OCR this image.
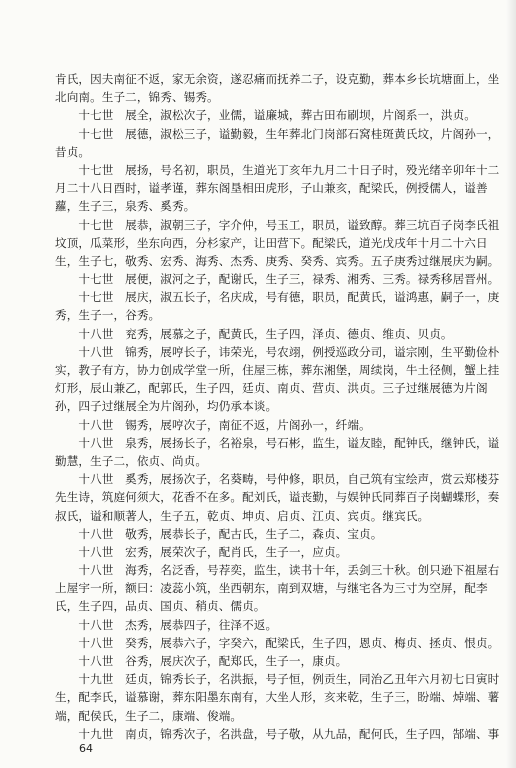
肯氏，因夫南征不返，家无余资，遂忍痛而抚养二子，设克勤，葬本乡长坑塘面上，坐
北向南。生子二，锦秀、锡秀。
　　十七世　展全，淑松次子，业儒，谥廉城，葬古田布刷坝，片阁系一，洪贞。
　　十七世　展德，淑松三子，谥勤毅，生年葬北门岗部石窝桂斑黄氏坟，片阁孙一，
昔贞。
　　十七世　展扬，号名初，职员，生道光丁亥年九月二十日子时，殁光绪辛卯年十二
月二十八日酉时，谥孝谨，葬东阁垦相田虎形，子山兼亥，配梁氏，例授儒人，谥善
蘿，生子三，泉秀、奚秀。
　　十七世　展恭，淑朝三子，字介仲，号玉工，职员，谥致醇。葬三坑百子岗李氏祖
坟顶，瓜菜形，坐东向西，分杉家产，让田营下。配梁氏，道光戊戌年十月二十六日
生，生子七，敬秀、宏秀、海秀、杰秀、庚秀、癸秀、宾秀。五子庚秀过继展庆为嗣。
　　十七世　展便，淑河之子，配谢氏，生子三，禄秀、湘秀、三秀。禄秀移居晋州。
　　十七世　展庆，淑五长子，名庆成，号有德，职员，配黄氏，谥鸿惠，嗣子一，庚
秀，生子一，谷秀。
　　十八世　兖秀，展慕之子，配黄氏，生子四，泽贞、德贞、维贞、贝贞。
　　十八世　锦秀，展哼长子，讳荣光，号农翊，例授巡政分司，谥宗刚，生平勤俭朴
实，教子有方，协力创成学堂一所，住屋三栋，葬东湘堡，周续岗，牛土径侧，蟹上挂
灯形，辰山兼乙，配郭氏，生子四，廷贞、南贞、营贞、洪贞。三子过继展德为片阁
孙，四子过继展全为片阁孙，均仍承本谈。
　　十八世　锡秀，展哼次子，南征不返，片阁孙一，纤端。
　　十八世　泉秀，展扬长子，名裕泉，号石彬，监生，谥友睦，配钟氏，继钟氏，谥
勤慧，生子二，依贞、尚贞。
　　十八世　奚秀，展扬次子，名葵畴，号仲修，职员，自己筑有宝绘声，赏云郑楼芬
先生诗，筑庭何须大，花香不在多。配刘氏，谥丧勤，与娱钟氏同葬百子岗蝴蝶形，奏
叔氏，谥和顺著人，生子五，乾贞、坤贞、启贞、江贞、宾贞。继宾氏。
　　十八世　敬秀，展恭长子，配古氏，生子二，森贞、宝贞。
　　十八世　宏秀，展荣次子，配肖氏，生子一，应贞。
　　十八世　海秀，名泛香，号荐奕，监生，读书十年，丢剑三十秋。创只逊下祖屋右
上屋宇一所，额曰：凌蕊小筑，坐西朝东，南到双塘，与继宅各为三寸为空屏，配李
氏，生子四，品贞、国贞、稍贞、儒贞。
　　十八世　杰秀，展恭四子，往泽不返。
　　十八世　癸秀，展恭六子，字癸六，配梁氏，生子四，恩贞、梅贞、拯贞、恨贞。
　　十八世　谷秀，展庆次子，配郑氏，生子一，康贞。
　　十九世　廷贞，锦秀长子，名洪振，号子恒，例贡生，同治乙丑年六月初七日寅时
生，配李氏，谥慕谢，葬东阳墨东南有，大坐人形，亥来乾，生子三，盼端、焯端、薯
端，配侯氏，生子二，康端、俊端。
　　十九世　南贞，锦秀次子，名洪盘，号子敬，从九品，配何氏，生子四，郜端、事
64
